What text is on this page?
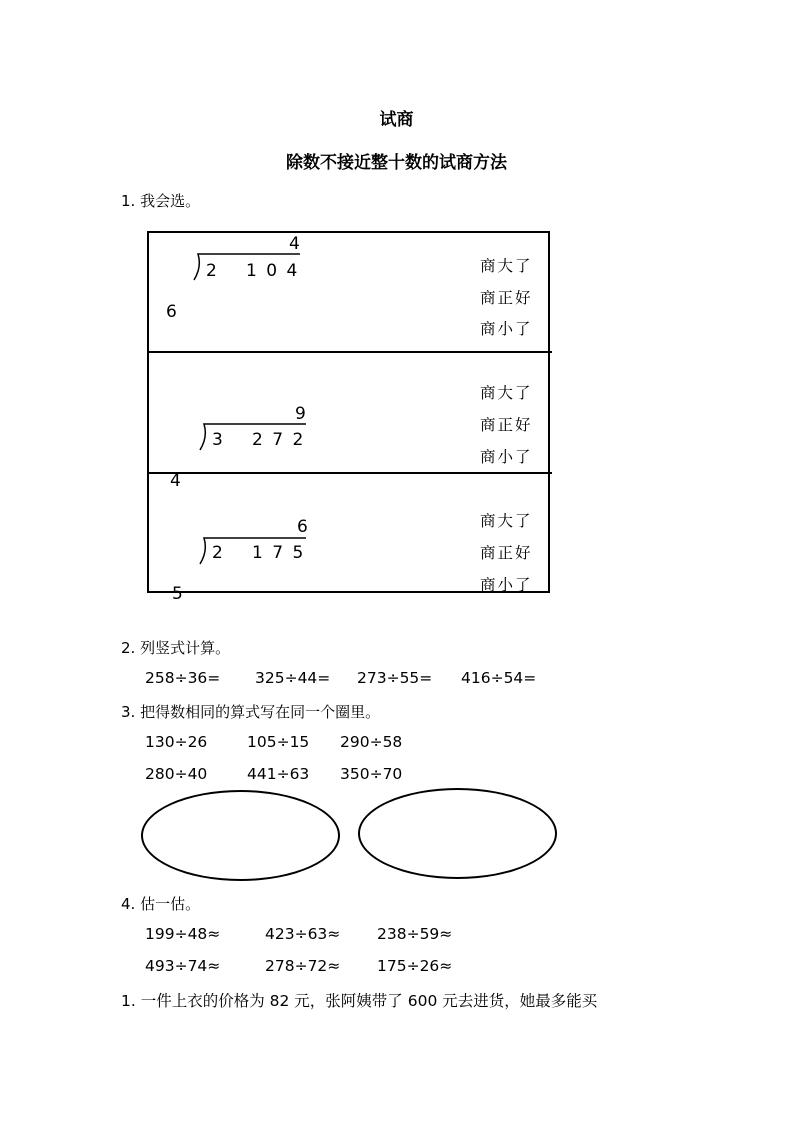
试商
除数不接近整十数的试商方法
1. 我会选。
4
2 1 0 4
6
商大了
商正好
商小了
9
3 2 7 2
4
商大了
商正好
商小了
6
2 1 7 5
5
商大了
商正好
商小了
2. 列竖式计算。
258÷36= 325÷44= 273÷55= 416÷54=
3. 把得数相同的算式写在同一个圈里。
130÷26	105÷15 290÷58
280÷40	441÷63 350÷70
4. 估一估。
199÷48≈	423÷63≈ 238÷59≈
493÷74≈	278÷72≈ 175÷26≈
1. 一件上衣的价格为 82 元，张阿姨带了 600 元去进货，她最多能买
